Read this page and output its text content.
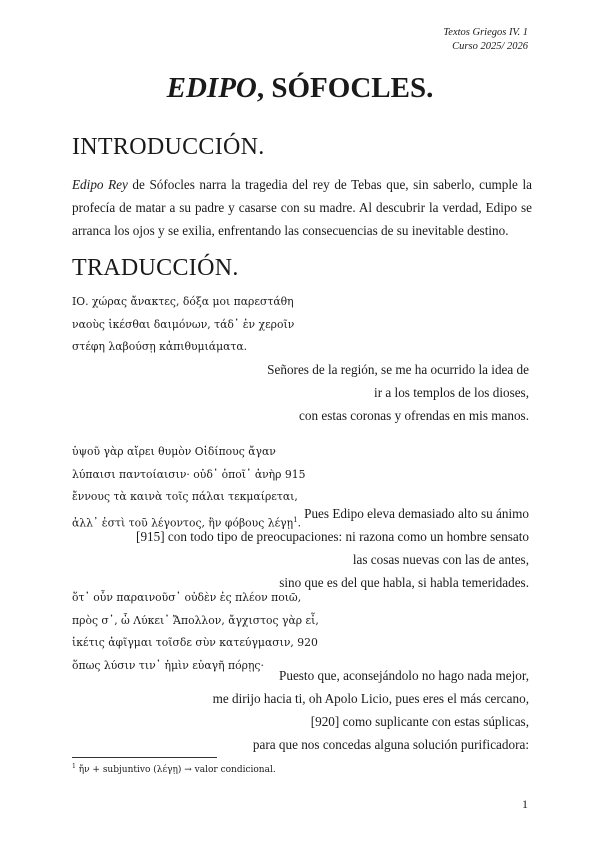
Textos Griegos IV. 1
Curso 2025/ 2026
EDIPO, SÓFOCLES.
INTRODUCCIÓN.

Edipo Rey de Sófocles narra la tragedia del rey de Tebas que, sin saberlo, cumple la profecía de matar a su padre y casarse con su madre. Al descubrir la verdad, Edipo se arranca los ojos y se exilia, enfrentando las consecuencias de su inevitable destino.

TRADUCCIÓN.
ΙΟ. χώρας ἄνακτες, δόξα μοι παρεστάθη
ναοὺς ἱκέσθαι δαιμόνων, τάδ᾽ ἐν χεροῖν
στέφη λαβούσῃ κἀπιθυμιάματα.
Señores de la región, se me ha ocurrido la idea de
ir a los templos de los dioses,
con estas coronas y ofrendas en mis manos.
ὑψοῦ γὰρ αἴρει θυμὸν Οἰδίπους ἄγαν
λύπαισι παντοίαισιν· οὐδ᾽ ὁποῖ᾽ ἀνὴρ 915
ἔννους τὰ καινὰ τοῖς πάλαι τεκμαίρεται,
ἀλλ᾽ ἐστὶ τοῦ λέγοντος, ἢν φόβους λέγῃ$^1$.
Pues Edipo eleva demasiado alto su ánimo
[915] con todo tipo de preocupaciones: ni razona como un hombre sensato
las cosas nuevas con las de antes,
sino que es del que habla, si habla temeridades.
ὅτ᾽ οὖν παραινοῦσ᾽ οὐδὲν ἐς πλέον ποιῶ,
πρὸς σ᾽, ὦ Λύκει᾽ Ἄπολλον, ἄγχιστος γὰρ εἶ,
ἱκέτις ἀφῖγμαι τοῖσδε σὺν κατεύγμασιν, 920
ὅπως λύσιν τιν᾽ ἡμὶν εὐαγῆ πόρῃς·
Puesto que, aconsejándolo no hago nada mejor,
me dirijo hacia ti, oh Apolo Licio, pues eres el más cercano,
[920] como suplicante con estas súplicas,
para que nos concedas alguna solución purificadora:
$^1$ ἤν + subjuntivo (λέγῃ) → valor condicional.
1
